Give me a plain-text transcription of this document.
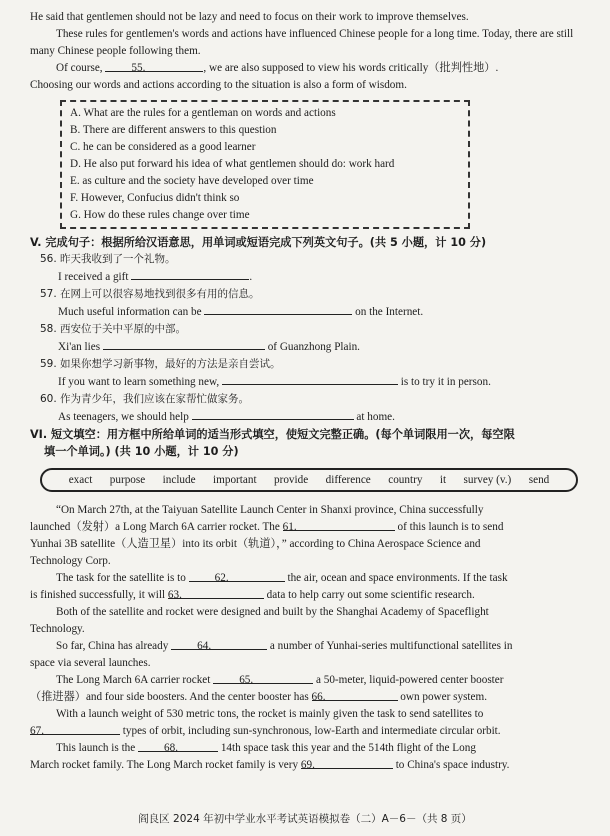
He said that gentlemen should not be lazy and need to focus on their work to improve themselves.

These rules for gentlemen's words and actions have influenced Chinese people for a long time. Today, there are still many Chinese people following them.

Of course, 55.	, we are also supposed to view his words critically（批判性地）.

Choosing our words and actions according to the situation is also a form of wisdom.

A. What are the rules for a gentleman on words and actions

B. There are different answers to this question

C. he can be considered as a good learner

D. He also put forward his idea of what gentlemen should do: work hard

E. as culture and the society have developed over time

F. However, Confucius didn't think so

G. How do these rules change over time

V. 完成句子：根据所给汉语意思，用单词或短语完成下列英文句子。(共 5 小题，计 10 分)

56. 昨天我收到了一个礼物。

I received a gift	.

57. 在网上可以很容易地找到很多有用的信息。

Much useful information can be	on the Internet.

58. 西安位于关中平原的中部。

Xi'an lies	of Guanzhong Plain.

59. 如果你想学习新事物，最好的方法是亲自尝试。

If you want to learn something new,	is to try it in person.

60. 作为青少年，我们应该在家帮忙做家务。

As teenagers, we should help	at home.

VI. 短文填空：用方框中所给单词的适当形式填空，使短文完整正确。(每个单词限用一次，每空限

填一个单词。) (共 10 小题，计 10 分)

exact purpose include important provide difference country it survey (v.) send

“On March 27th, at the Taiyuan Satellite Launch Center in Shanxi province, China successfully

launched（发射）a Long March 6A carrier rocket. The 61.	of this launch is to send

Yunhai 3B satellite（人造卫星）into its orbit（轨道），” according to China Aerospace Science and

Technology Corp.

The task for the satellite is to 62.	the air, ocean and space environments. If the task

is finished successfully, it will 63.	data to help carry out some scientific research.

Both of the satellite and rocket were designed and built by the Shanghai Academy of Spaceflight

Technology.

So far, China has already 64.	a number of Yunhai-series multifunctional satellites in

space via several launches.

The Long March 6A carrier rocket 65.	a 50-meter, liquid-powered center booster

（推进器）and four side boosters. And the center booster has 66.	own power system.

With a launch weight of 530 metric tons, the rocket is mainly given the task to send satellites to

67.	types of orbit, including sun-synchronous, low-Earth and intermediate circular orbit.

This launch is the 68.	14th space task this year and the 514th flight of the Long

March rocket family. The Long March rocket family is very 69.	to China's space industry.

阎良区 2024 年初中学业水平考试英语模拟卷（二）A－6－（共 8 页）
